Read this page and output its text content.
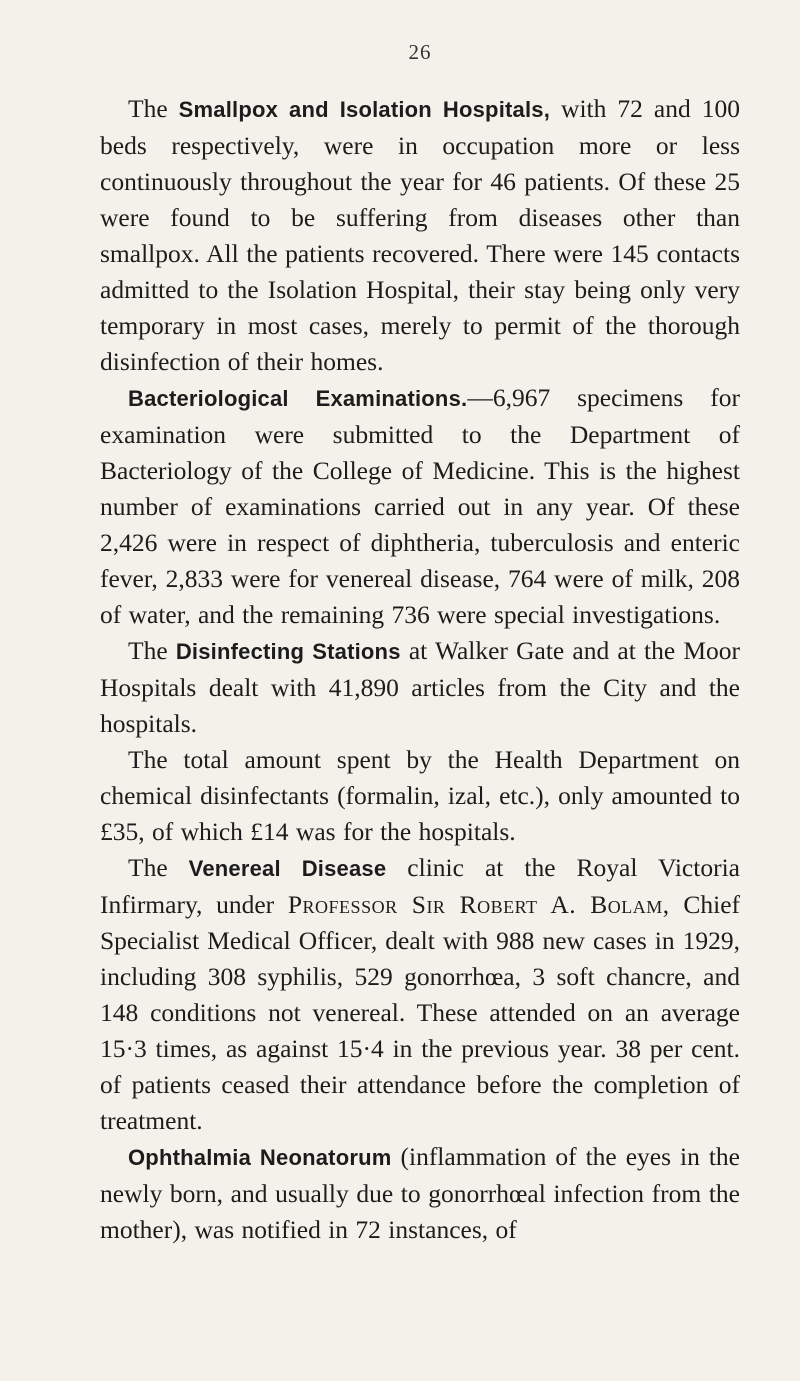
26

The Smallpox and Isolation Hospitals, with 72 and 100 beds respectively, were in occupation more or less continuously throughout the year for 46 patients. Of these 25 were found to be suffering from diseases other than smallpox. All the patients recovered. There were 145 contacts admitted to the Isolation Hospital, their stay being only very temporary in most cases, merely to permit of the thorough disinfection of their homes.

Bacteriological Examinations.—6,967 specimens for examination were submitted to the Department of Bacteriology of the College of Medicine. This is the highest number of examinations carried out in any year. Of these 2,426 were in respect of diphtheria, tuberculosis and enteric fever, 2,833 were for venereal disease, 764 were of milk, 208 of water, and the remaining 736 were special investigations.

The Disinfecting Stations at Walker Gate and at the Moor Hospitals dealt with 41,890 articles from the City and the hospitals.

The total amount spent by the Health Department on chemical disinfectants (formalin, izal, etc.), only amounted to £35, of which £14 was for the hospitals.

The Venereal Disease clinic at the Royal Victoria Infirmary, under Professor Sir Robert A. Bolam, Chief Specialist Medical Officer, dealt with 988 new cases in 1929, including 308 syphilis, 529 gonorrhœa, 3 soft chancre, and 148 conditions not venereal. These attended on an average 15·3 times, as against 15·4 in the previous year. 38 per cent. of patients ceased their attendance before the completion of treatment.

Ophthalmia Neonatorum (inflammation of the eyes in the newly born, and usually due to gonorrhœal infection from the mother), was notified in 72 instances, of
